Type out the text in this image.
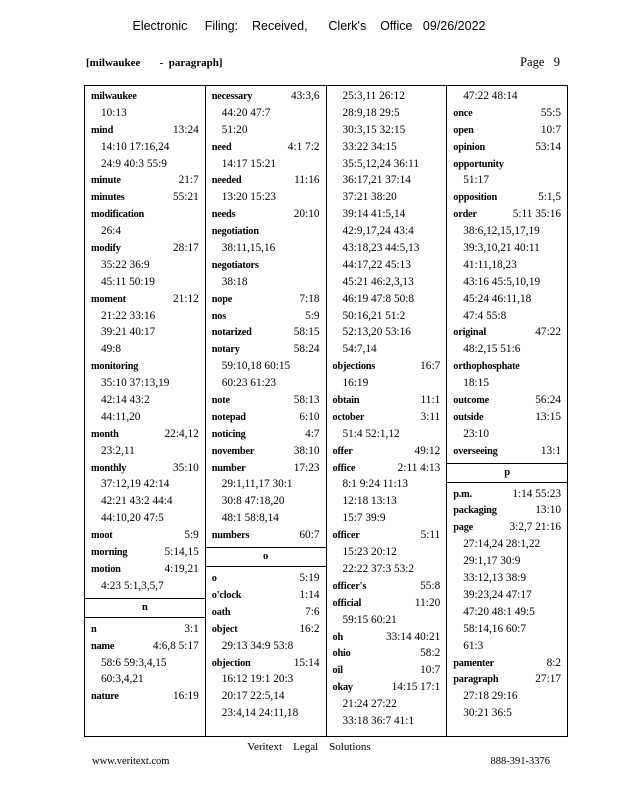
Electronic     Filing:    Received,      Clerk's    Office   09/26/2022
[milwaukee       -  paragraph]	Page   9
milwaukee
10:13
mind	13:24
14:10 17:16,24
24:9 40:3 55:9
minute	21:7
minutes	55:21
modification
26:4
modify	28:17
35:22 36:9
45:11 50:19
moment	21:12
21:22 33:16
39:21 40:17
49:8
monitoring
35:10 37:13,19
42:14 43:2
44:11,20
month	22:4,12
23:2,11
monthly	35:10
37:12,19 42:14
42:21 43:2 44:4
44:10,20 47:5
moot	5:9
morning	5:14,15
motion	4:19,21
4:23 5:1,3,5,7
n
n	3:1
name	4:6,8 5:17
58:6 59:3,4,15
60:3,4,21
nature	16:19
necessary	43:3,6
44:20 47:7
51:20
need	4:1 7:2
14:17 15:21
needed	11:16
13:20 15:23
needs	20:10
negotiation
38:11,15,16
negotiators
38:18
nope	7:18
nos	5:9
notarized	58:15
notary	58:24
59:10,18 60:15
60:23 61:23
note	58:13
notepad	6:10
noticing	4:7
november	38:10
number	17:23
29:1,11,17 30:1
30:8 47:18,20
48:1 58:8,14
numbers	60:7
o
o	5:19
o'clock	1:14
oath	7:6
object	16:2
29:13 34:9 53:8
objection	15:14
16:12 19:1 20:3
20:17 22:5,14
23:4,14 24:11,18
25:3,11 26:12
28:9,18 29:5
30:3,15 32:15
33:22 34:15
35:5,12,24 36:11
36:17,21 37:14
37:21 38:20
39:14 41:5,14
42:9,17,24 43:4
43:18,23 44:5,13
44:17,22 45:13
45:21 46:2,3,13
46:19 47:8 50:8
50:16,21 51:2
52:13,20 53:16
54:7,14
objections	16:7
16:19
obtain	11:1
october	3:11
51:4 52:1,12
offer	49:12
office	2:11 4:13
8:1 9:24 11:13
12:18 13:13
15:7 39:9
officer	5:11
15:23 20:12
22:22 37:3 53:2
officer's	55:8
official	11:20
59:15 60:21
oh	33:14 40:21
ohio	58:2
oil	10:7
okay	14:15 17:1
21:24 27:22
33:18 36:7 41:1
47:22 48:14
once	55:5
open	10:7
opinion	53:14
opportunity
51:17
opposition	5:1,5
order	5:11 35:16
38:6,12,15,17,19
39:3,10,21 40:11
41:11,18,23
43:16 45:5,10,19
45:24 46:11,18
47:4 55:8
original	47:22
48:2,15 51:6
orthophosphate
18:15
outcome	56:24
outside	13:15
23:10
overseeing	13:1
p
p.m.	1:14 55:23
packaging	13:10
page	3:2,7 21:16
27:14,24 28:1,22
29:1,17 30:9
33:12,13 38:9
39:23,24 47:17
47:20 48:1 49:5
58:14,16 60:7
61:3
pamenter	8:2
paragraph	27:17
27:18 29:16
30:21 36:5
Veritext    Legal    Solutions
www.veritext.com	888-391-3376
